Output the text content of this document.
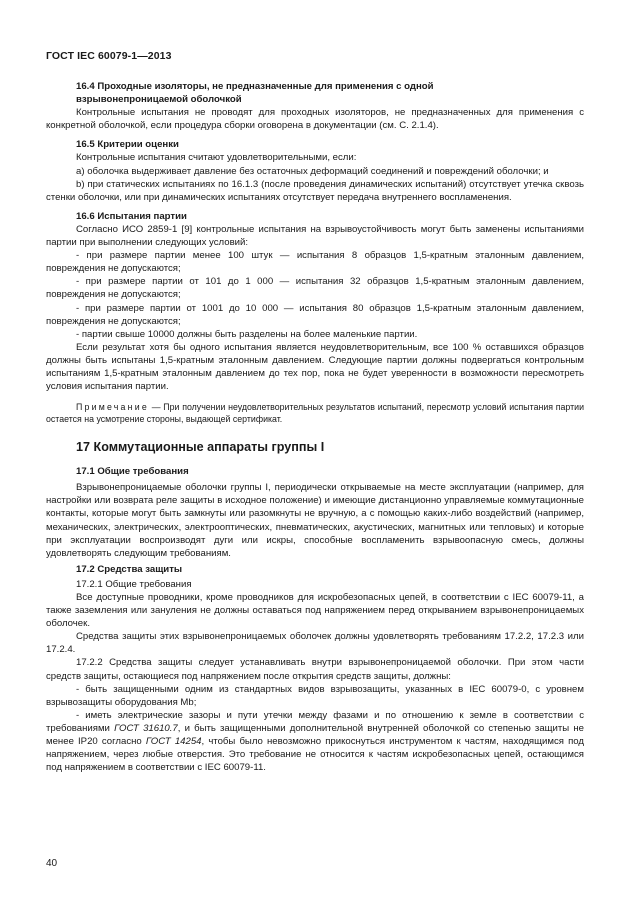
ГОСТ IEC 60079-1—2013

16.4 Проходные изоляторы, не предназначенные для применения с одной

взрывонепроницаемой оболочкой

Контрольные испытания не проводят для проходных изоляторов, не предназначенных для применения с конкретной оболочкой, если процедура сборки оговорена в документации (см. С. 2.1.4).

16.5 Критерии оценки

Контрольные испытания считают удовлетворительными, если:

а) оболочка выдерживает давление без остаточных деформаций соединений и повреждений оболочки; и

b) при статических испытаниях по 16.1.3 (после проведения динамических испытаний) отсутствует утечка сквозь стенки оболочки, или при динамических испытаниях отсутствует передача внутреннего воспламенения.

16.6 Испытания партии

Согласно ИСО 2859-1 [9] контрольные испытания на взрывоустойчивость могут быть заменены испытаниями партии при выполнении следующих условий:

- при размере партии менее 100 штук — испытания 8 образцов 1,5-кратным эталонным давлением, повреждения не допускаются;

- при размере партии от 101 до 1 000 — испытания 32 образцов 1,5-кратным эталонным давлением, повреждения не допускаются;

- при размере партии от 1001 до 10 000 — испытания 80 образцов 1,5-кратным эталонным давлением, повреждения не допускаются;

- партии свыше 10000 должны быть разделены на более маленькие партии.

Если результат хотя бы одного испытания является неудовлетворительным, все 100 % оставшихся образцов должны быть испытаны 1,5-кратным эталонным давлением. Следующие партии должны подвергаться контрольным испытаниям 1,5-кратным эталонным давлением до тех пор, пока не будет уверенности в возможности пересмотреть условия испытания партии.

Примечание — При получении неудовлетворительных результатов испытаний, пересмотр условий испытания партии остается на усмотрение стороны, выдающей сертификат.

17 Коммутационные аппараты группы I

17.1 Общие требования

Взрывонепроницаемые оболочки группы I, периодически открываемые на месте эксплуатации (например, для настройки или возврата реле защиты в исходное положение) и имеющие дистанционно управляемые коммутационные контакты, которые могут быть замкнуты или разомкнуты не вручную, а с помощью каких-либо воздействий (например, механических, электрических, электрооптических, пневматических, акустических, магнитных или тепловых) и которые при эксплуатации воспроизводят дуги или искры, способные воспламенить взрывоопасную смесь, должны удовлетворять следующим требованиям.

17.2 Средства защиты

17.2.1 Общие требования

Все доступные проводники, кроме проводников для искробезопасных цепей, в соответствии с IEC 60079-11, а также заземления или зануления не должны оставаться под напряжением перед открыванием взрывонепроницаемых оболочек.

Средства защиты этих взрывонепроницаемых оболочек должны удовлетворять требованиям 17.2.2, 17.2.3 или 17.2.4.

17.2.2 Средства защиты следует устанавливать внутри взрывонепроницаемой оболочки. При этом части средств защиты, остающиеся под напряжением после открытия средств защиты, должны:

- быть защищенными одним из стандартных видов взрывозащиты, указанных в IEC 60079-0, с уровнем взрывозащиты оборудования Mb;

- иметь электрические зазоры и пути утечки между фазами и по отношению к земле в соответствии с требованиями ГОСТ 31610.7, и быть защищенными дополнительной внутренней оболочкой со степенью защиты не менее IP20 согласно ГОСТ 14254, чтобы было невозможно прикоснуться инструментом к частям, находящимся под напряжением, через любые отверстия. Это требование не относится к частям искробезопасных цепей, остающимся под напряжением в соответствии с IEC 60079-11.

40
